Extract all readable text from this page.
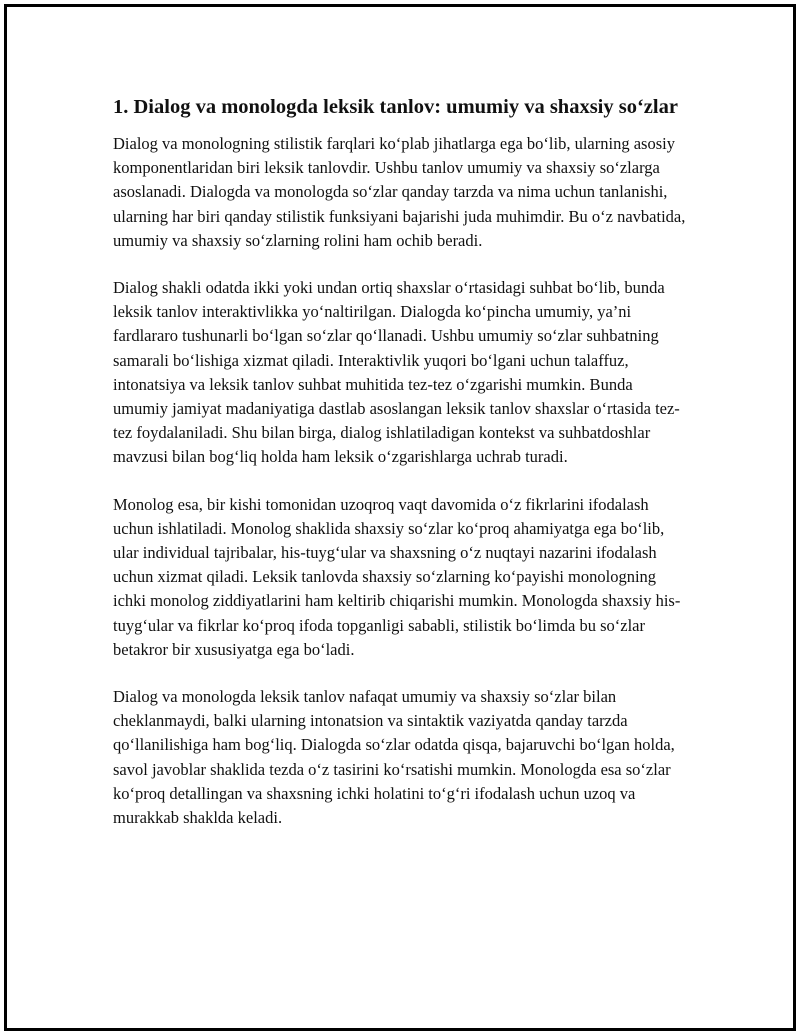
1. Dialog va monologda leksik tanlov: umumiy va shaxsiy so‘zlar

Dialog va monologning stilistik farqlari ko‘plab jihatlarga ega bo‘lib, ularning asosiy komponentlaridan biri leksik tanlovdir. Ushbu tanlov umumiy va shaxsiy so‘zlarga asoslanadi. Dialogda va monologda so‘zlar qanday tarzda va nima uchun tanlanishi, ularning har biri qanday stilistik funksiyani bajarishi juda muhimdir. Bu o‘z navbatida, umumiy va shaxsiy so‘zlarning rolini ham ochib beradi.

Dialog shakli odatda ikki yoki undan ortiq shaxslar o‘rtasidagi suhbat bo‘lib, bunda leksik tanlov interaktivlikka yo‘naltirilgan. Dialogda ko‘pincha umumiy, ya’ni fardlararo tushunarli bo‘lgan so‘zlar qo‘llanadi. Ushbu umumiy so‘zlar suhbatning samarali bo‘lishiga xizmat qiladi. Interaktivlik yuqori bo‘lgani uchun talaffuz, intonatsiya va leksik tanlov suhbat muhitida tez-tez o‘zgarishi mumkin. Bunda umumiy jamiyat madaniyatiga dastlab asoslangan leksik tanlov shaxslar o‘rtasida tez-tez foydalaniladi. Shu bilan birga, dialog ishlatiladigan kontekst va suhbatdoshlar mavzusi bilan bog‘liq holda ham leksik o‘zgarishlarga uchrab turadi.

Monolog esa, bir kishi tomonidan uzoqroq vaqt davomida o‘z fikrlarini ifodalash uchun ishlatiladi. Monolog shaklida shaxsiy so‘zlar ko‘proq ahamiyatga ega bo‘lib, ular individual tajribalar, his-tuyg‘ular va shaxsning o‘z nuqtayi nazarini ifodalash uchun xizmat qiladi. Leksik tanlovda shaxsiy so‘zlarning ko‘payishi monologning ichki monolog ziddiyatlarini ham keltirib chiqarishi mumkin. Monologda shaxsiy his-tuyg‘ular va fikrlar ko‘proq ifoda topganligi sababli, stilistik bo‘limda bu so‘zlar betakror bir xususiyatga ega bo‘ladi.

Dialog va monologda leksik tanlov nafaqat umumiy va shaxsiy so‘zlar bilan cheklanmaydi, balki ularning intonatsion va sintaktik vaziyatda qanday tarzda qo‘llanilishiga ham bog‘liq. Dialogda so‘zlar odatda qisqa, bajaruvchi bo‘lgan holda, savol javoblar shaklida tezda o‘z tasirini ko‘rsatishi mumkin. Monologda esa so‘zlar ko‘proq detallingan va shaxsning ichki holatini to‘g‘ri ifodalash uchun uzoq va murakkab shaklda keladi.
